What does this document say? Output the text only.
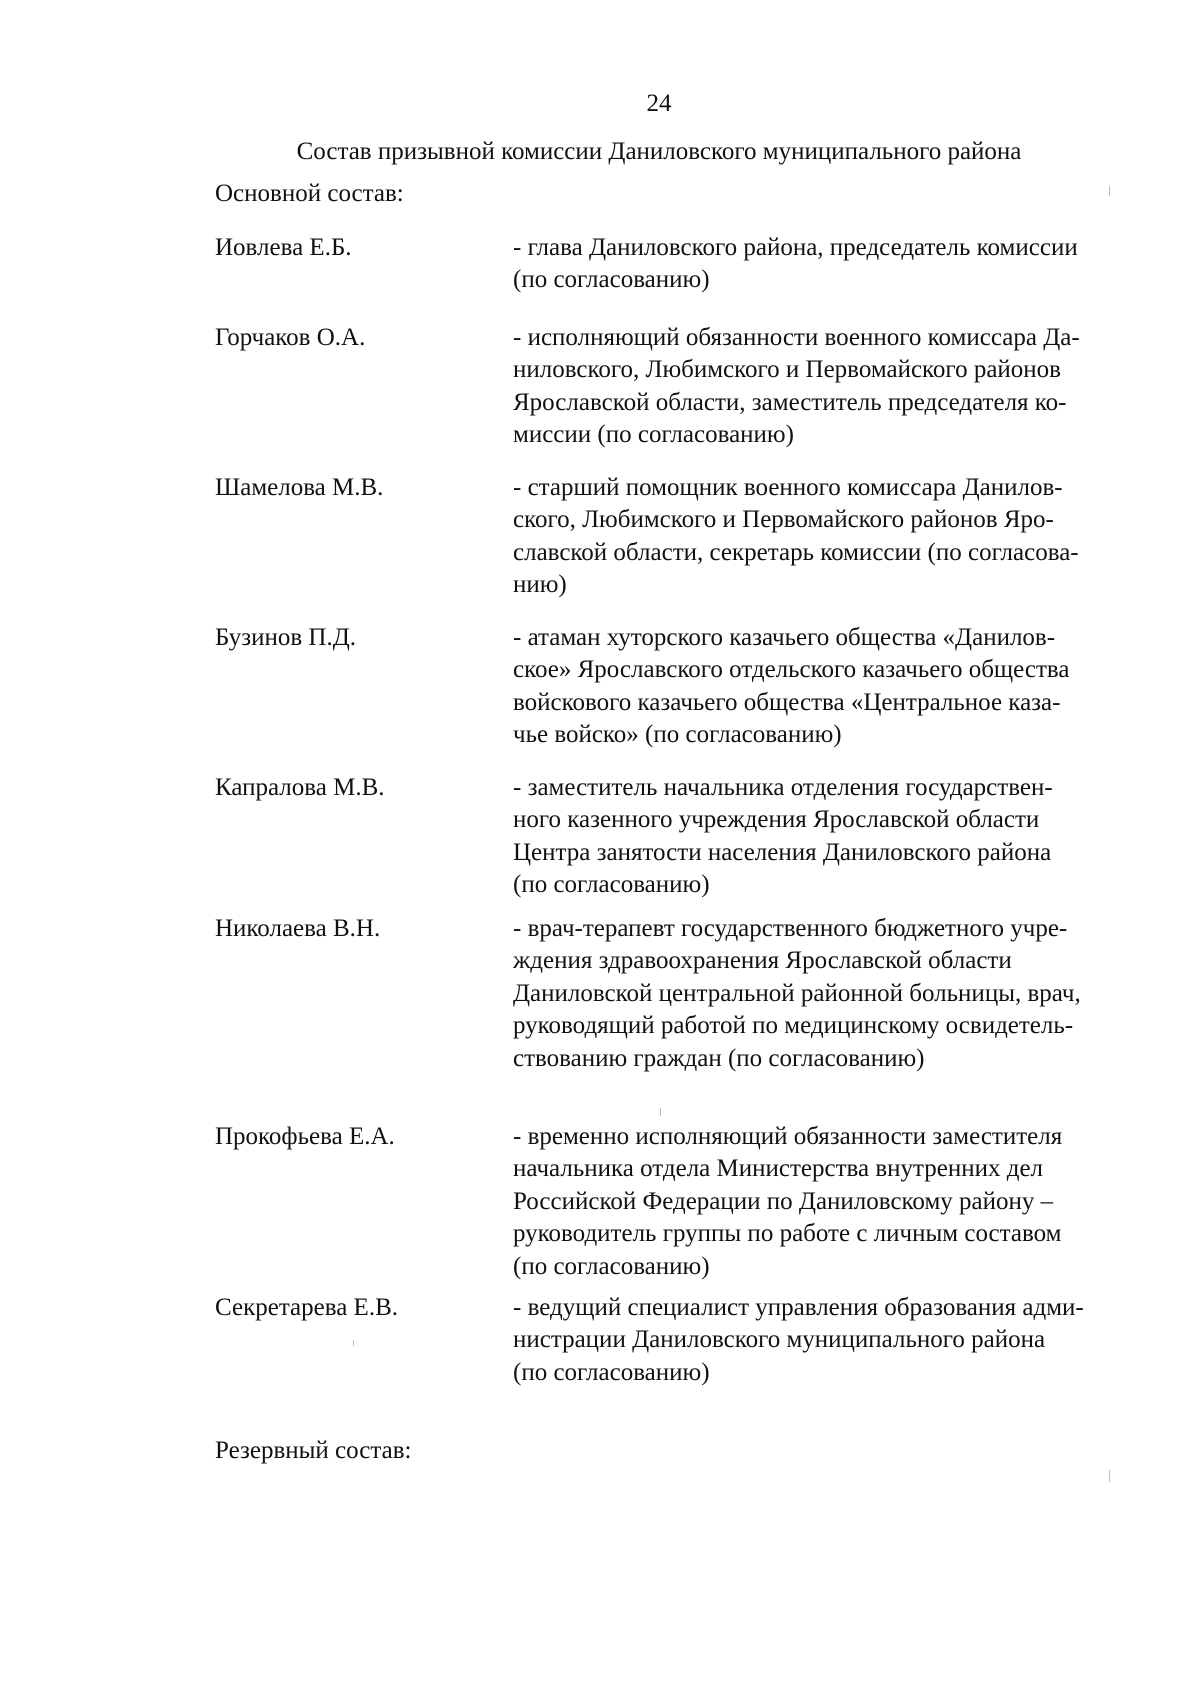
24
Состав призывной комиссии Даниловского муниципального района
Основной состав:
Иовлева Е.Б.	- глава Даниловского района, председатель комиссии
(по согласованию)
Горчаков О.А.	- исполняющий обязанности военного комиссара Да-
ниловского, Любимского и Первомайского районов
Ярославской области, заместитель председателя ко-
миссии (по согласованию)
Шамелова М.В.	- старший помощник военного комиссара Данилов-
ского, Любимского и Первомайского районов Яро-
славской области, секретарь комиссии (по согласова-
нию)
Бузинов П.Д.	- атаман хуторского казачьего общества «Данилов-
ское» Ярославского отдельского казачьего общества
войскового казачьего общества «Центральное каза-
чье войско» (по согласованию)
Капралова М.В.	- заместитель начальника отделения государствен-
ного казенного учреждения Ярославской области
Центра занятости населения Даниловского района
(по согласованию)
Николаева В.Н.	- врач-терапевт государственного бюджетного учре-
ждения здравоохранения Ярославской области
Даниловской центральной районной больницы, врач,
руководящий работой по медицинскому освидетель-
ствованию граждан (по согласованию)
Прокофьева Е.А.	- временно исполняющий обязанности заместителя
начальника отдела Министерства внутренних дел
Российской Федерации по Даниловскому району –
руководитель группы по работе с личным составом
(по согласованию)
Секретарева Е.В.	- ведущий специалист управления образования адми-
нистрации Даниловского муниципального района
(по согласованию)
Резервный состав:
